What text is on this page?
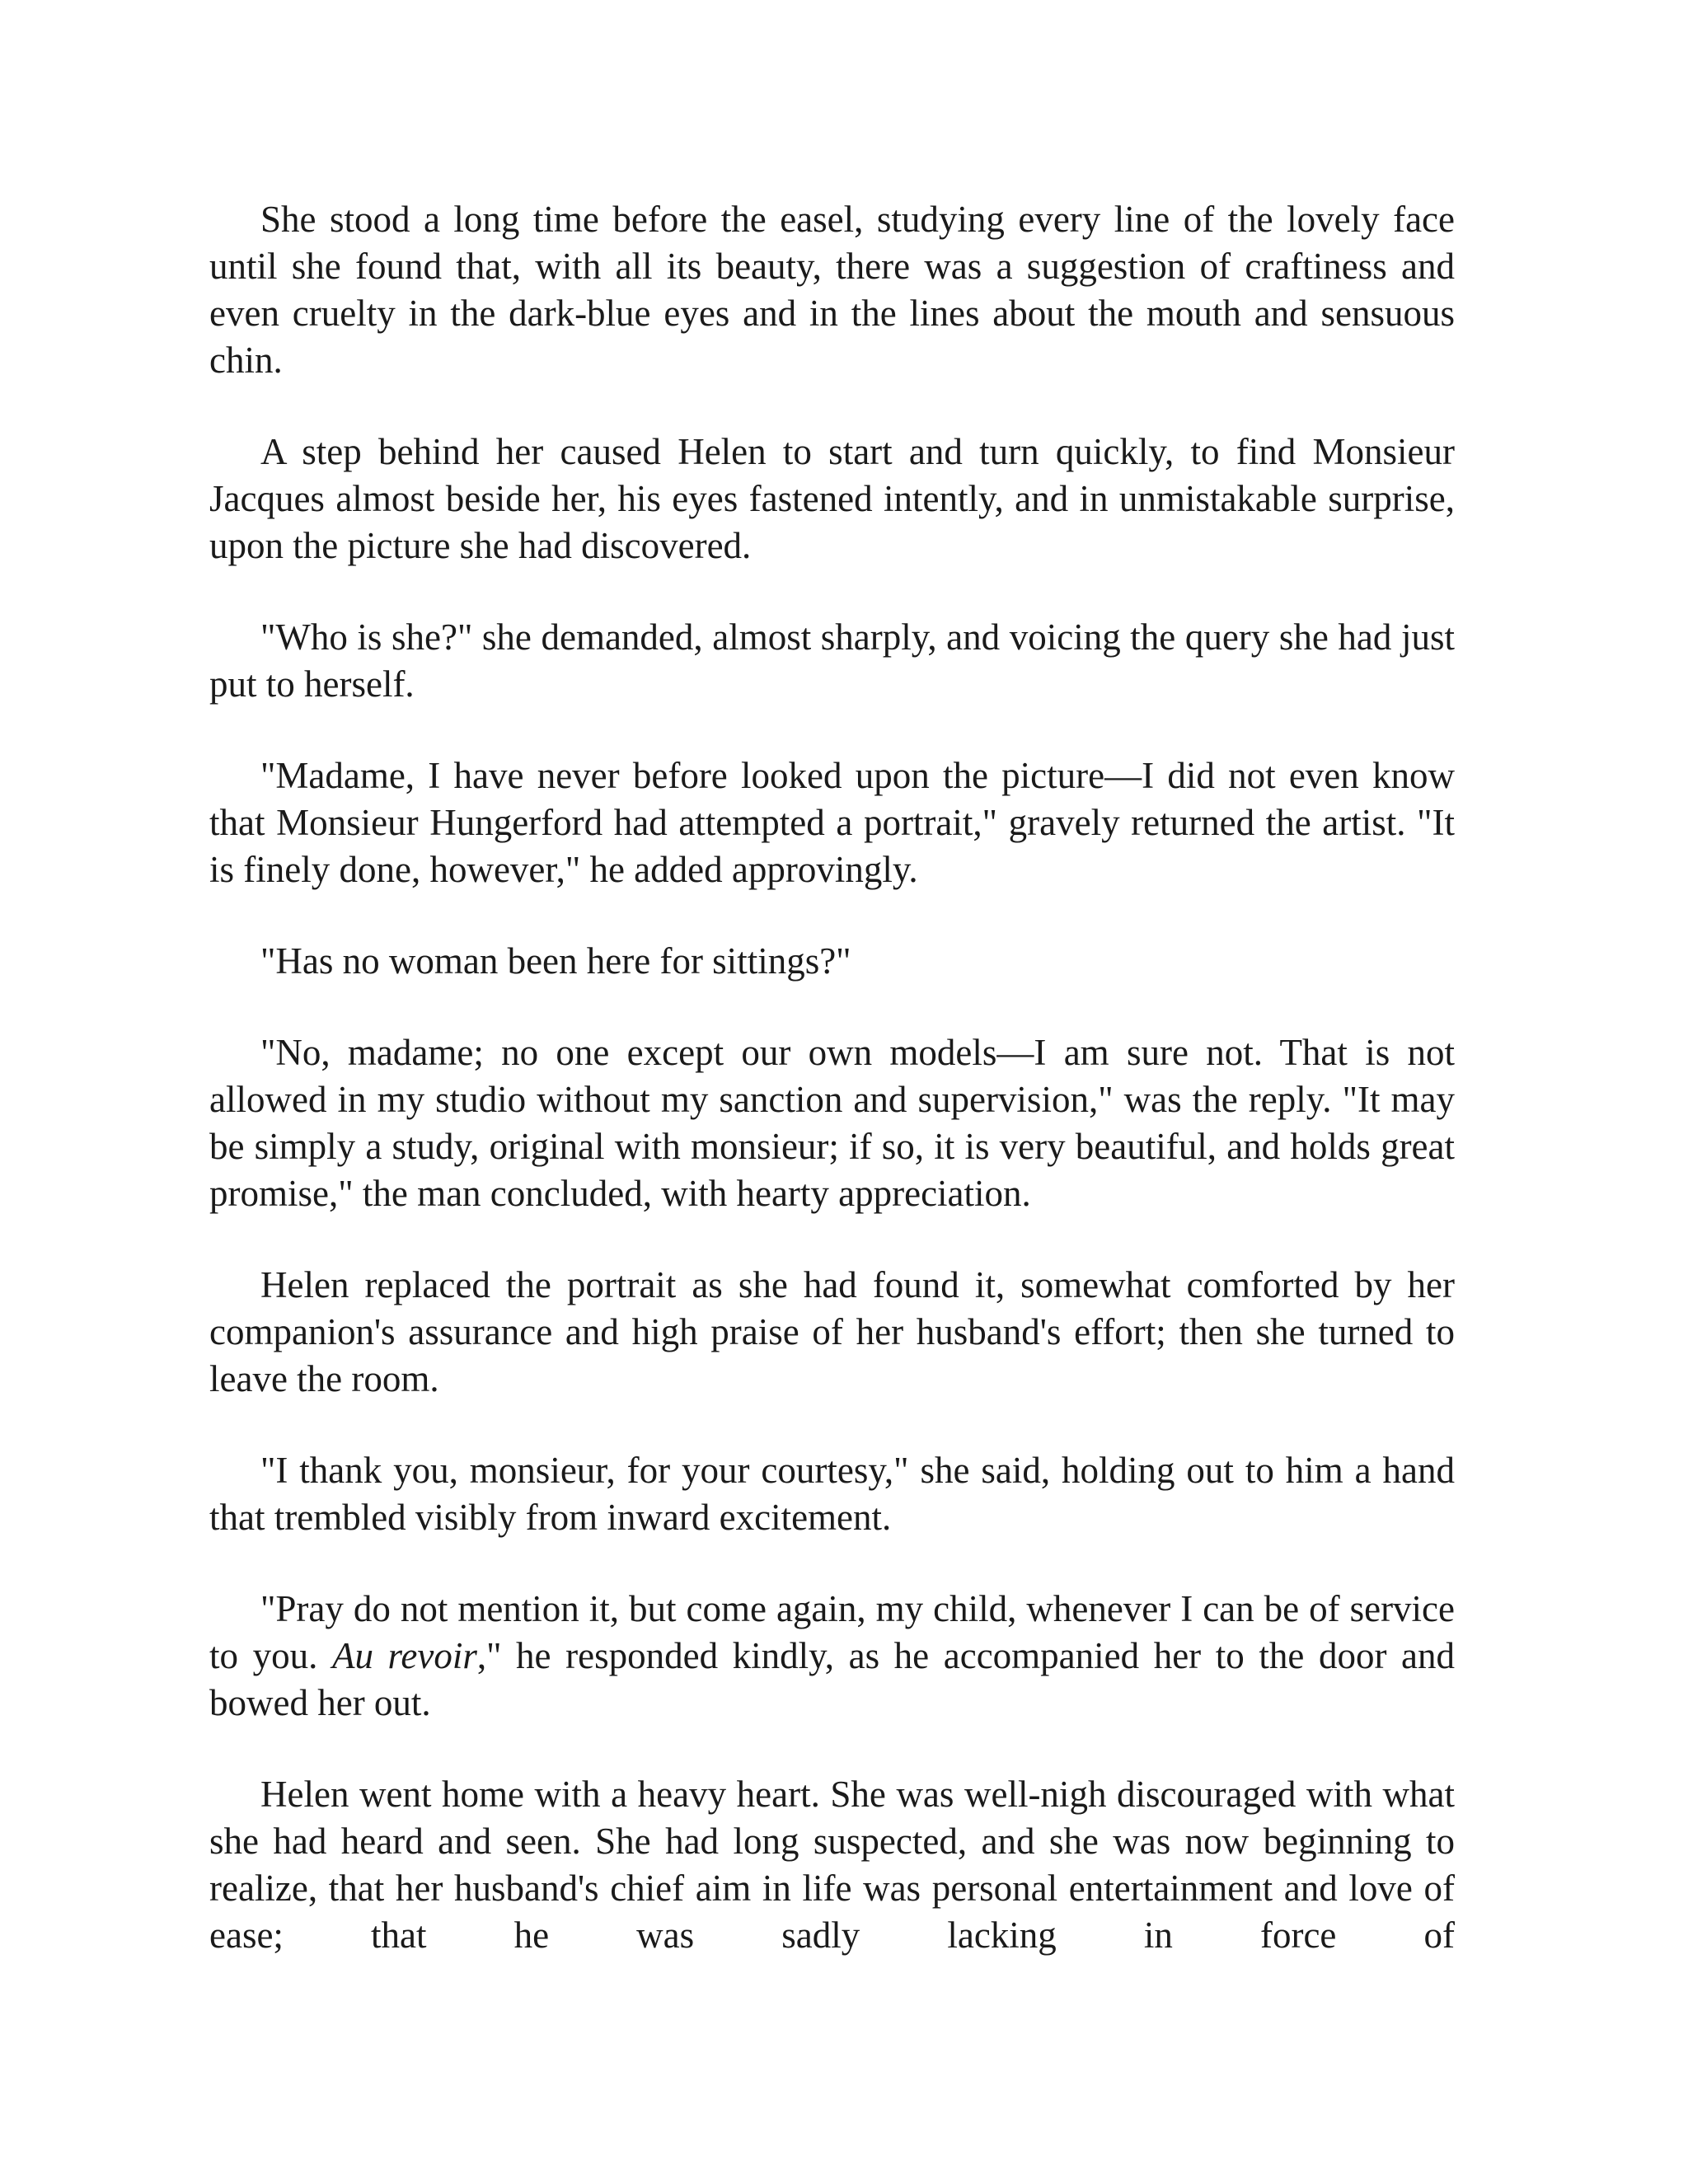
She stood a long time before the easel, studying every line of the lovely face until she found that, with all its beauty, there was a suggestion of craftiness and even cruelty in the dark-blue eyes and in the lines about the mouth and sensuous chin.

A step behind her caused Helen to start and turn quickly, to find Monsieur Jacques almost beside her, his eyes fastened intently, and in unmistakable surprise, upon the picture she had discovered.

"Who is she?" she demanded, almost sharply, and voicing the query she had just put to herself.

"Madame, I have never before looked upon the picture—I did not even know that Monsieur Hungerford had attempted a portrait," gravely returned the artist. "It is finely done, however," he added approvingly.

"Has no woman been here for sittings?"

"No, madame; no one except our own models—I am sure not. That is not allowed in my studio without my sanction and supervision," was the reply. "It may be simply a study, original with monsieur; if so, it is very beautiful, and holds great promise," the man concluded, with hearty appreciation.

Helen replaced the portrait as she had found it, somewhat comforted by her companion's assurance and high praise of her husband's effort; then she turned to leave the room.

"I thank you, monsieur, for your courtesy," she said, holding out to him a hand that trembled visibly from inward excitement.

"Pray do not mention it, but come again, my child, whenever I can be of service to you. Au revoir," he responded kindly, as he accompanied her to the door and bowed her out.

Helen went home with a heavy heart. She was well-nigh discouraged with what she had heard and seen. She had long suspected, and she was now beginning to realize, that her husband's chief aim in life was personal entertainment and love of ease; that he was sadly lacking in force of
